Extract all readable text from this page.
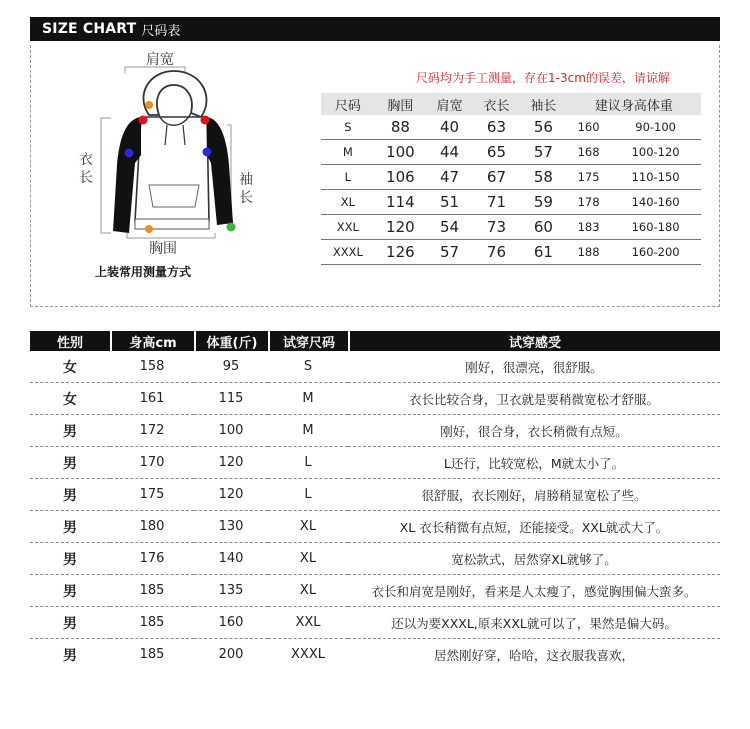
SIZE CHART 尺码表
肩宽
衣长	袖长
胸围
上装常用测量方式
尺码均为手工测量，存在1-3cm的误差，请谅解
尺码	胸围	肩宽	衣长	袖长	建议身高体重	
S	88	40	63	56	160	90-100
M	100	44	65	57	168	100-120
L	106	47	67	58	175	110-150
XL	114	51	71	59	178	140-160
XXL	120	54	73	60	183	160-180
XXXL	126	57	76	61	188	160-200
性别	身高cm	体重(斤)	试穿尺码	试穿感受
女	158	95	S	刚好，很漂亮，很舒服。
女	161	115	M	衣长比较合身，卫衣就是要稍微宽松才舒服。
男	172	100	M	刚好，很合身，衣长稍微有点短。
男	170	120	L	L还行，比较宽松，M就太小了。
男	175	120	L	很舒服，衣长刚好，肩膀稍显宽松了些。
男	180	130	XL	XL 衣长稍微有点短，还能接受。XXL就忒大了。
男	176	140	XL	宽松款式，居然穿XL就够了。
男	185	135	XL	衣长和肩宽是刚好，看来是人太瘦了，感觉胸围偏大蛮多。
男	185	160	XXL	还以为要XXXL,原来XXL就可以了，果然是偏大码。
男	185	200	XXXL	居然刚好穿，哈哈，这衣服我喜欢，
